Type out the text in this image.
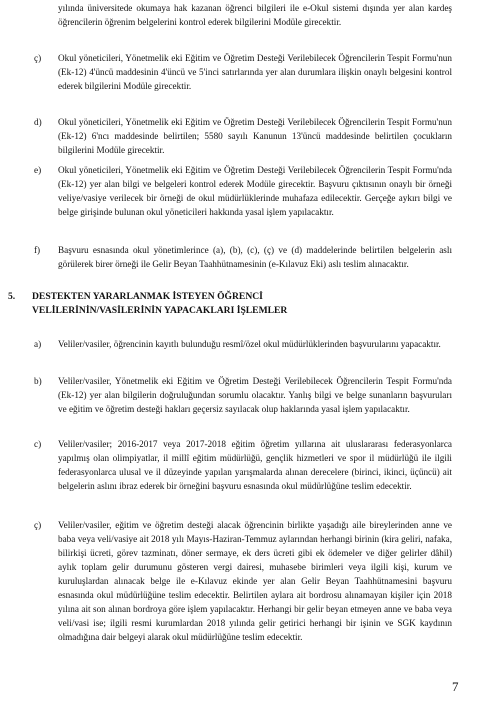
yılında üniversitede okumaya hak kazanan öğrenci bilgileri ile e-Okul sistemi dışında yer alan kardeş öğrencilerin öğrenim belgelerini kontrol ederek bilgilerini Modüle girecektir.
ç) Okul yöneticileri, Yönetmelik eki Eğitim ve Öğretim Desteği Verilebilecek Öğrencilerin Tespit Formu'nun (Ek-12) 4'üncü maddesinin 4'üncü ve 5'inci satırlarında yer alan durumlara ilişkin onaylı belgesini kontrol ederek bilgilerini Modüle girecektir.
d) Okul yöneticileri, Yönetmelik eki Eğitim ve Öğretim Desteği Verilebilecek Öğrencilerin Tespit Formu'nun (Ek-12) 6'ncı maddesinde belirtilen; 5580 sayılı Kanunun 13'üncü maddesinde belirtilen çocukların bilgilerini Modüle girecektir.
e) Okul yöneticileri, Yönetmelik eki Eğitim ve Öğretim Desteği Verilebilecek Öğrencilerin Tespit Formu'nda (Ek-12) yer alan bilgi ve belgeleri kontrol ederek Modüle girecektir. Başvuru çıktısının onaylı bir örneği veliye/vasiye verilecek bir örneği de okul müdürlüklerinde muhafaza edilecektir. Gerçeğe aykırı bilgi ve belge girişinde bulunan okul yöneticileri hakkında yasal işlem yapılacaktır.
f) Başvuru esnasında okul yönetimlerince (a), (b), (c), (ç) ve (d) maddelerinde belirtilen belgelerin aslı görülerek birer örneği ile Gelir Beyan Taahhütnamesinin (e-Kılavuz Eki) aslı teslim alınacaktır.
5. DESTEKTEN YARARLANMAK İSTEYEN ÖĞRENCİ
VELİLERİNİN/VASİLERİNİN YAPACAKLARI İŞLEMLER
a) Veliler/vasiler, öğrencinin kayıtlı bulunduğu resmî/özel okul müdürlüklerinden başvurularını yapacaktır.
b) Veliler/vasiler, Yönetmelik eki Eğitim ve Öğretim Desteği Verilebilecek Öğrencilerin Tespit Formu'nda (Ek-12) yer alan bilgilerin doğruluğundan sorumlu olacaktır. Yanlış bilgi ve belge sunanların başvuruları ve eğitim ve öğretim desteği hakları geçersiz sayılacak olup haklarında yasal işlem yapılacaktır.
c) Veliler/vasiler; 2016-2017 veya 2017-2018 eğitim öğretim yıllarına ait uluslararası federasyonlarca yapılmış olan olimpiyatlar, il millî eğitim müdürlüğü, gençlik hizmetleri ve spor il müdürlüğü ile ilgili federasyonlarca ulusal ve il düzeyinde yapılan yarışmalarda alınan derecelere (birinci, ikinci, üçüncü) ait belgelerin aslını ibraz ederek bir örneğini başvuru esnasında okul müdürlüğüne teslim edecektir.
ç) Veliler/vasiler, eğitim ve öğretim desteği alacak öğrencinin birlikte yaşadığı aile bireylerinden anne ve baba veya veli/vasiye ait 2018 yılı Mayıs-Haziran-Temmuz aylarından herhangi birinin (kira geliri, nafaka, bilirkişi ücreti, görev tazminatı, döner sermaye, ek ders ücreti gibi ek ödemeler ve diğer gelirler dâhil) aylık toplam gelir durumunu gösteren vergi dairesi, muhasebe birimleri veya ilgili kişi, kurum ve kuruluşlardan alınacak belge ile e-Kılavuz ekinde yer alan Gelir Beyan Taahhütnamesini başvuru esnasında okul müdürlüğüne teslim edecektir. Belirtilen aylara ait bordrosu alınamayan kişiler için 2018 yılına ait son alınan bordroya göre işlem yapılacaktır. Herhangi bir gelir beyan etmeyen anne ve baba veya veli/vasi ise; ilgili resmi kurumlardan 2018 yılında gelir getirici herhangi bir işinin ve SGK kaydının olmadığına dair belgeyi alarak okul müdürlüğüne teslim edecektir.
7
